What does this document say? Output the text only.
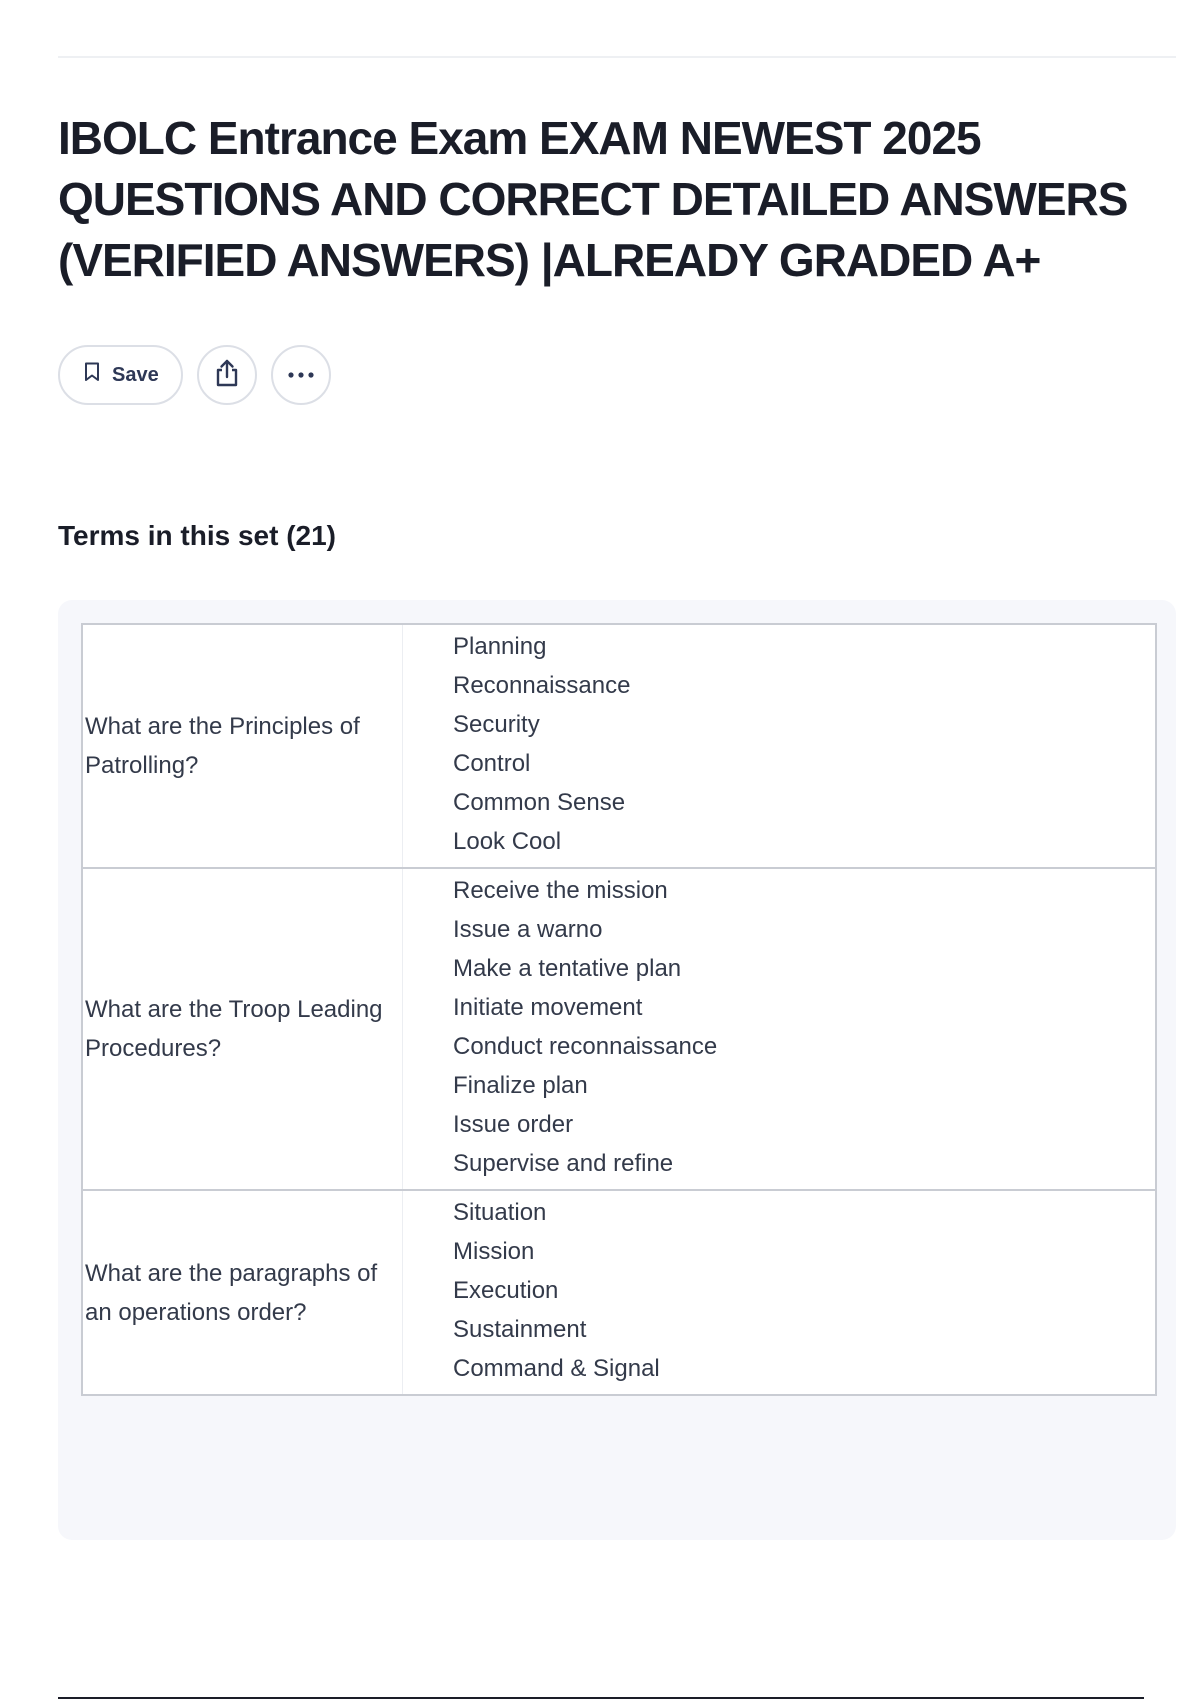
IBOLC Entrance Exam EXAM NEWEST 2025 QUESTIONS AND CORRECT DETAILED ANSWERS (VERIFIED ANSWERS) |ALREADY GRADED A+
Save
Terms in this set (21)
What are the Principles of Patrolling?
Planning
Reconnaissance
Security
Control
Common Sense
Look Cool
What are the Troop Leading Procedures?
Receive the mission
Issue a warno
Make a tentative plan
Initiate movement
Conduct reconnaissance
Finalize plan
Issue order
Supervise and refine
What are the paragraphs of an operations order?
Situation
Mission
Execution
Sustainment
Command & Signal
